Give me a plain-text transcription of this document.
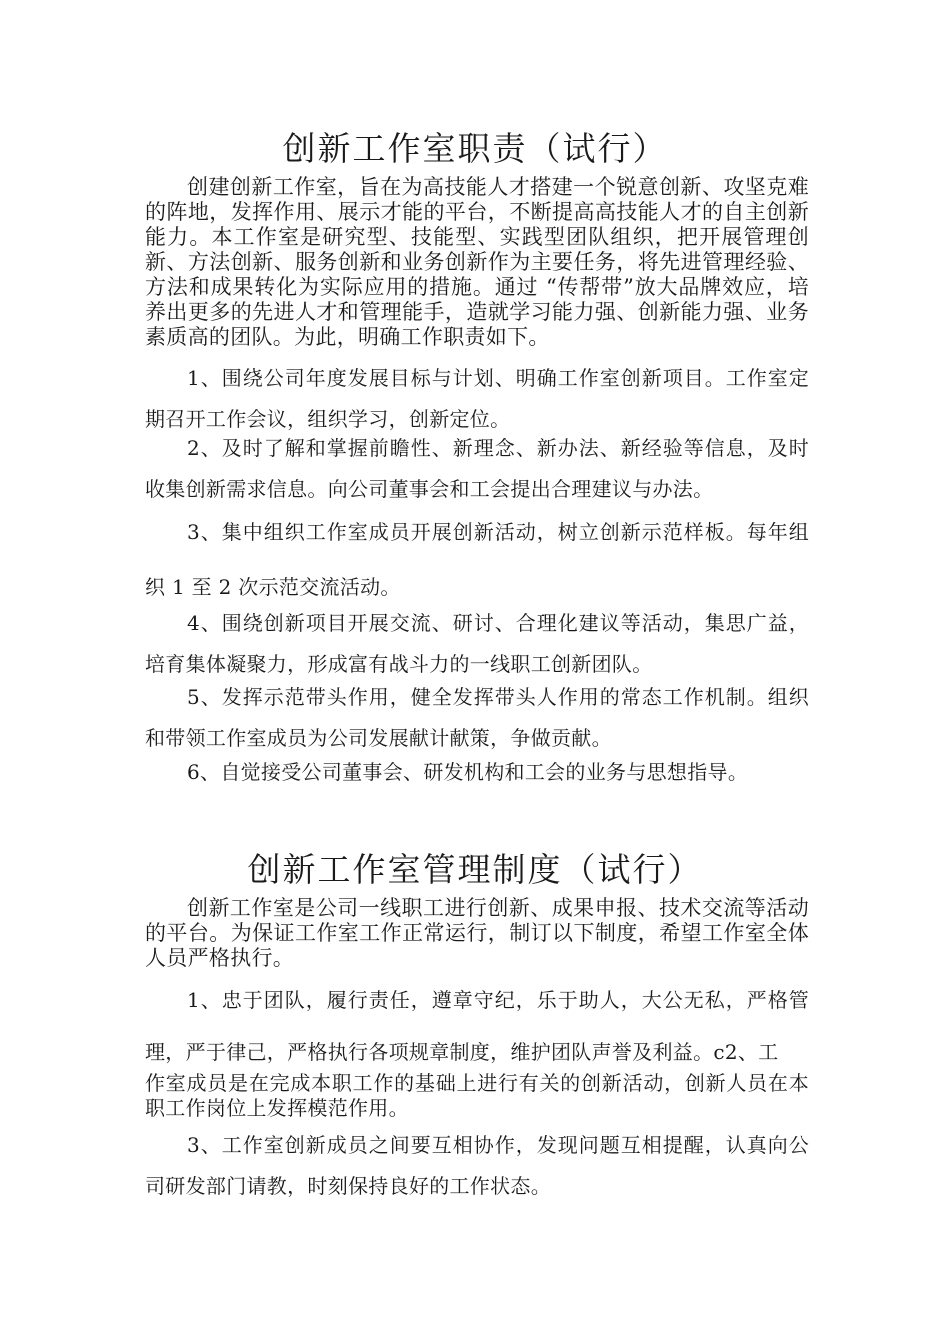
创新工作室职责（试行）

创建创新工作室，旨在为高技能人才搭建一个锐意创新、攻坚克难的阵地，发挥作用、展示才能的平台，不断提高高技能人才的自主创新能力。本工作室是研究型、技能型、实践型团队组织，把开展管理创新、方法创新、服务创新和业务创新作为主要任务，将先进管理经验、方法和成果转化为实际应用的措施。通过 “传帮带”放大品牌效应，培养出更多的先进人才和管理能手，造就学习能力强、创新能力强、业务素质高的团队。为此，明确工作职责如下。

1、围绕公司年度发展目标与计划、明确工作室创新项目。工作室定期召开工作会议，组织学习，创新定位。

2、及时了解和掌握前瞻性、新理念、新办法、新经验等信息，及时收集创新需求信息。向公司董事会和工会提出合理建议与办法。

3、集中组织工作室成员开展创新活动，树立创新示范样板。每年组织 1 至 2 次示范交流活动。

4、围绕创新项目开展交流、研讨、合理化建议等活动，集思广益，培育集体凝聚力，形成富有战斗力的一线职工创新团队。

5、发挥示范带头作用，健全发挥带头人作用的常态工作机制。组织和带领工作室成员为公司发展献计献策，争做贡献。

6、自觉接受公司董事会、研发机构和工会的业务与思想指导。

创新工作室管理制度（试行）

创新工作室是公司一线职工进行创新、成果申报、技术交流等活动的平台。为保证工作室工作正常运行，制订以下制度，希望工作室全体人员严格执行。

1、忠于团队，履行责任，遵章守纪，乐于助人，大公无私，严格管理，严于律己，严格执行各项规章制度，维护团队声誉及利益。c2、工

作室成员是在完成本职工作的基础上进行有关的创新活动，创新人员在本职工作岗位上发挥模范作用。

3、工作室创新成员之间要互相协作，发现问题互相提醒，认真向公司研发部门请教，时刻保持良好的工作状态。
